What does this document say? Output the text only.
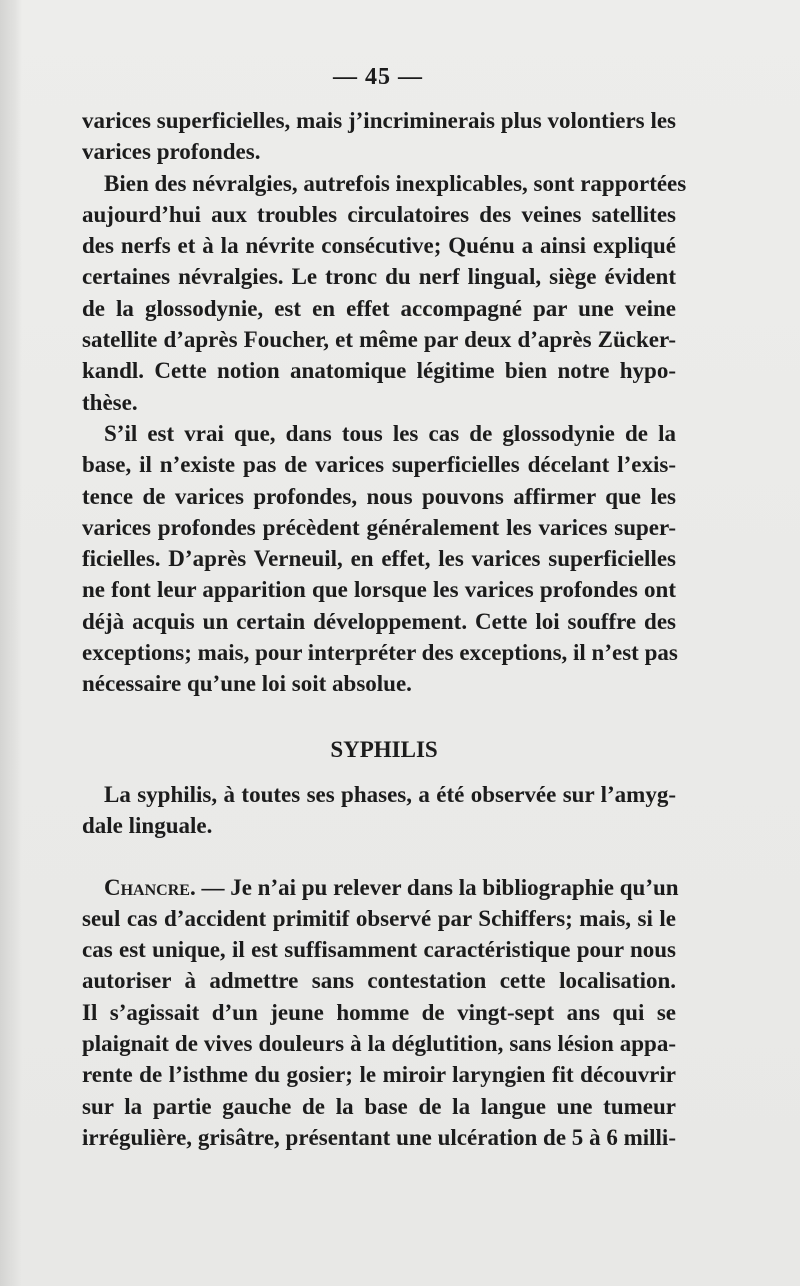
— 45 —
varices superficielles, mais j’incriminerais plus volontiers les
varices profondes.
Bien des névralgies, autrefois inexplicables, sont rapportées
aujourd’hui aux troubles circulatoires des veines satellites
des nerfs et à la névrite consécutive; Quénu a ainsi expliqué
certaines névralgies. Le tronc du nerf lingual, siège évident
de la glossodynie, est en effet accompagné par une veine
satellite d’après Foucher, et même par deux d’après Zücker-
kandl. Cette notion anatomique légitime bien notre hypo-
thèse.
S’il est vrai que, dans tous les cas de glossodynie de la
base, il n’existe pas de varices superficielles décelant l’exis-
tence de varices profondes, nous pouvons affirmer que les
varices profondes précèdent généralement les varices super-
ficielles. D’après Verneuil, en effet, les varices superficielles
ne font leur apparition que lorsque les varices profondes ont
déjà acquis un certain développement. Cette loi souffre des
exceptions; mais, pour interpréter des exceptions, il n’est pas
nécessaire qu’une loi soit absolue.
SYPHILIS
La syphilis, à toutes ses phases, a été observée sur l’amyg-
dale linguale.
Chancre. — Je n’ai pu relever dans la bibliographie qu’un
seul cas d’accident primitif observé par Schiffers; mais, si le
cas est unique, il est suffisamment caractéristique pour nous
autoriser à admettre sans contestation cette localisation.
Il s’agissait d’un jeune homme de vingt-sept ans qui se
plaignait de vives douleurs à la déglutition, sans lésion appa-
rente de l’isthme du gosier; le miroir laryngien fit découvrir
sur la partie gauche de la base de la langue une tumeur
irrégulière, grisâtre, présentant une ulcération de 5 à 6 milli-
